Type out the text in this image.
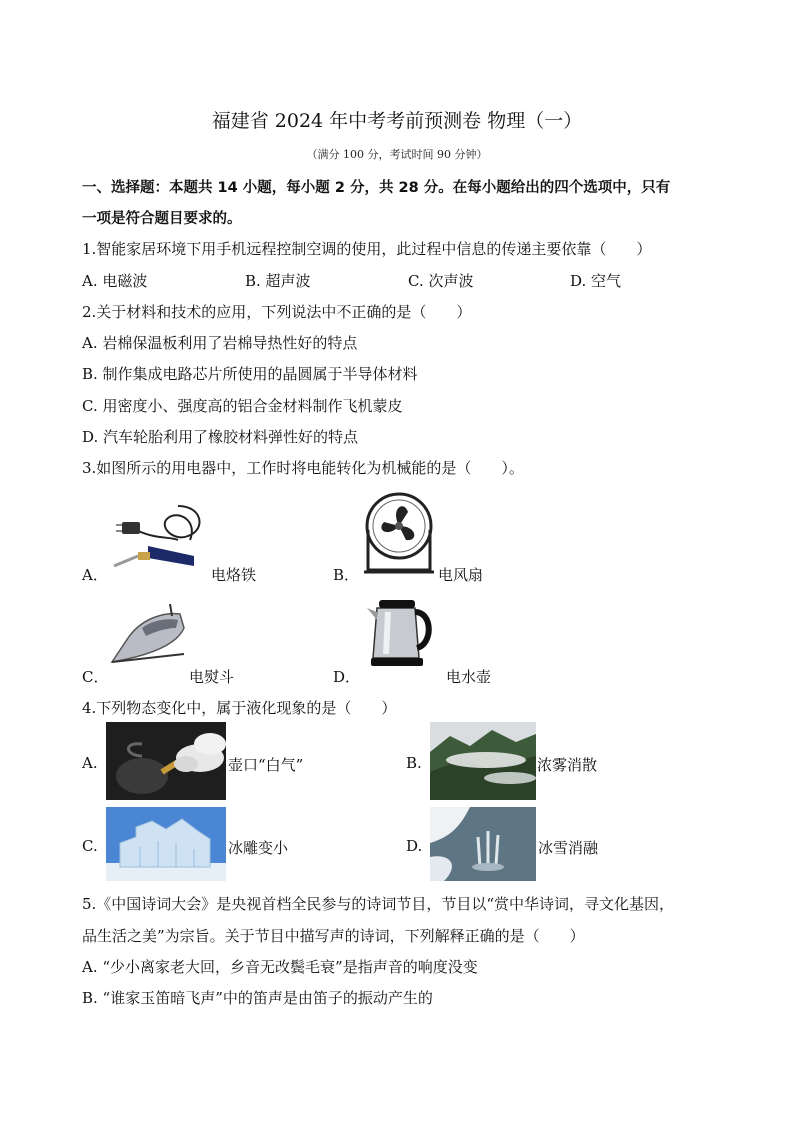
福建省 2024 年中考考前预测卷 物理（一）
（满分 100 分，考试时间 90 分钟）
一、选择题：本题共 14 小题，每小题 2 分，共 28 分。在每小题给出的四个选项中，只有
一项是符合题目要求的。
1.智能家居环境下用手机远程控制空调的使用，此过程中信息的传递主要依靠（　　）
A. 电磁波	B. 超声波	C. 次声波	D. 空气
2.关于材料和技术的应用，下列说法中不正确的是（　　）
A. 岩棉保温板利用了岩棉导热性好的特点
B. 制作集成电路芯片所使用的晶圆属于半导体材料
C. 用密度小、强度高的铝合金材料制作飞机蒙皮
D. 汽车轮胎利用了橡胶材料弹性好的特点
3.如图所示的用电器中，工作时将电能转化为机械能的是（　　）。
A．	电烙铁	B．	电风扇
C．	电熨斗	D．	电水壶
4.下列物态变化中，属于液化现象的是（　　）
A.	壶口“白气”	B.	浓雾消散
C.	冰雕变小	D.	冰雪消融
5.《中国诗词大会》是央视首档全民参与的诗词节目，节目以“赏中华诗词，寻文化基因，
品生活之美”为宗旨。关于节目中描写声的诗词，下列解释正确的是（　　）
A. “少小离家老大回，乡音无改鬓毛衰”是指声音的响度没变
B. “谁家玉笛暗飞声”中的笛声是由笛子的振动产生的
